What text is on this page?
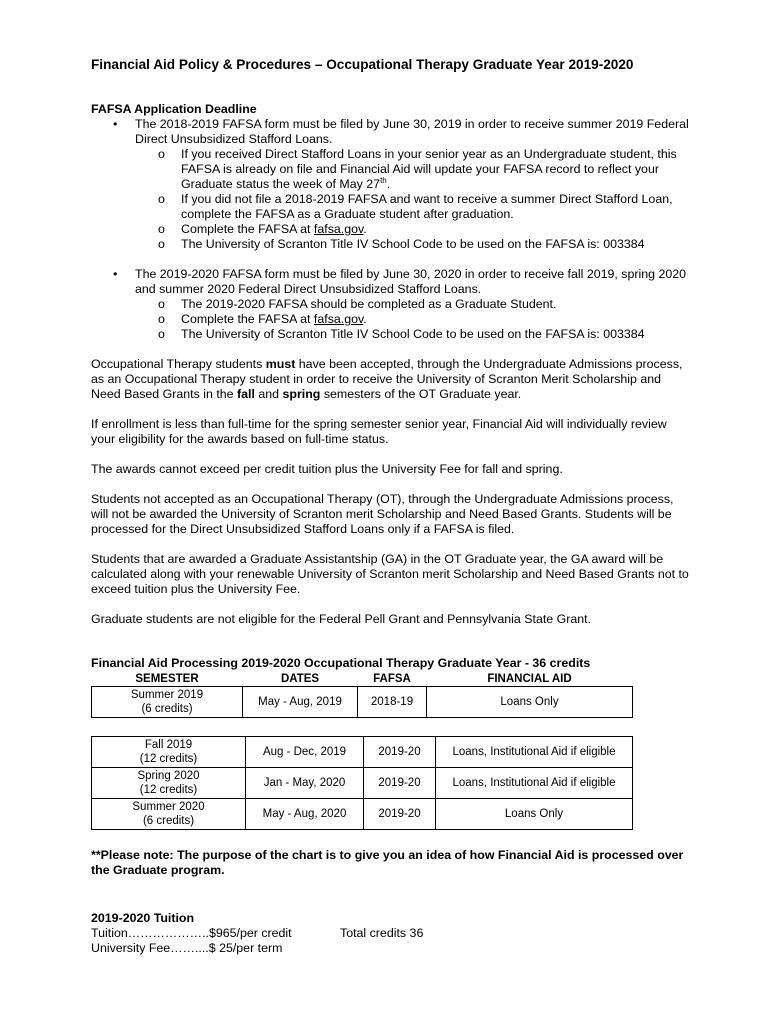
Financial Aid Policy & Procedures – Occupational Therapy Graduate Year 2019-2020
FAFSA Application Deadline
• The 2018-2019 FAFSA form must be filed by June 30, 2019 in order to receive summer 2019 Federal Direct Unsubsidized Stafford Loans.
o If you received Direct Stafford Loans in your senior year as an Undergraduate student, this FAFSA is already on file and Financial Aid will update your FAFSA record to reflect your Graduate status the week of May 27th.
o If you did not file a 2018-2019 FAFSA and want to receive a summer Direct Stafford Loan, complete the FAFSA as a Graduate student after graduation.
o Complete the FAFSA at fafsa.gov.
o The University of Scranton Title IV School Code to be used on the FAFSA is: 003384
• The 2019-2020 FAFSA form must be filed by June 30, 2020 in order to receive fall 2019, spring 2020 and summer 2020 Federal Direct Unsubsidized Stafford Loans.
o The 2019-2020 FAFSA should be completed as a Graduate Student.
o Complete the FAFSA at fafsa.gov.
o The University of Scranton Title IV School Code to be used on the FAFSA is: 003384

Occupational Therapy students must have been accepted, through the Undergraduate Admissions process, as an Occupational Therapy student in order to receive the University of Scranton Merit Scholarship and Need Based Grants in the fall and spring semesters of the OT Graduate year.

If enrollment is less than full-time for the spring semester senior year, Financial Aid will individually review your eligibility for the awards based on full-time status.

The awards cannot exceed per credit tuition plus the University Fee for fall and spring.

Students not accepted as an Occupational Therapy (OT), through the Undergraduate Admissions process, will not be awarded the University of Scranton merit Scholarship and Need Based Grants. Students will be processed for the Direct Unsubsidized Stafford Loans only if a FAFSA is filed.

Students that are awarded a Graduate Assistantship (GA) in the OT Graduate year, the GA award will be calculated along with your renewable University of Scranton merit Scholarship and Need Based Grants not to exceed tuition plus the University Fee.

Graduate students are not eligible for the Federal Pell Grant and Pennsylvania State Grant.

Financial Aid Processing 2019-2020 Occupational Therapy Graduate Year - 36 credits
SEMESTER	DATES	FAFSA	FINANCIAL AID
Summer 2019
(6 credits)	May - Aug, 2019	2018-19	Loans Only
Fall 2019
(12 credits)	Aug - Dec, 2019	2019-20	Loans, Institutional Aid if eligible
Spring 2020
(12 credits)	Jan - May, 2020	2019-20	Loans, Institutional Aid if eligible
Summer 2020
(6 credits)	May - Aug, 2020	2019-20	Loans Only
**Please note: The purpose of the chart is to give you an idea of how Financial Aid is processed over the Graduate program.
2019-2020 Tuition
Tuition………………..$965/per credit	Total credits 36
University Fee……....$ 25/per term
